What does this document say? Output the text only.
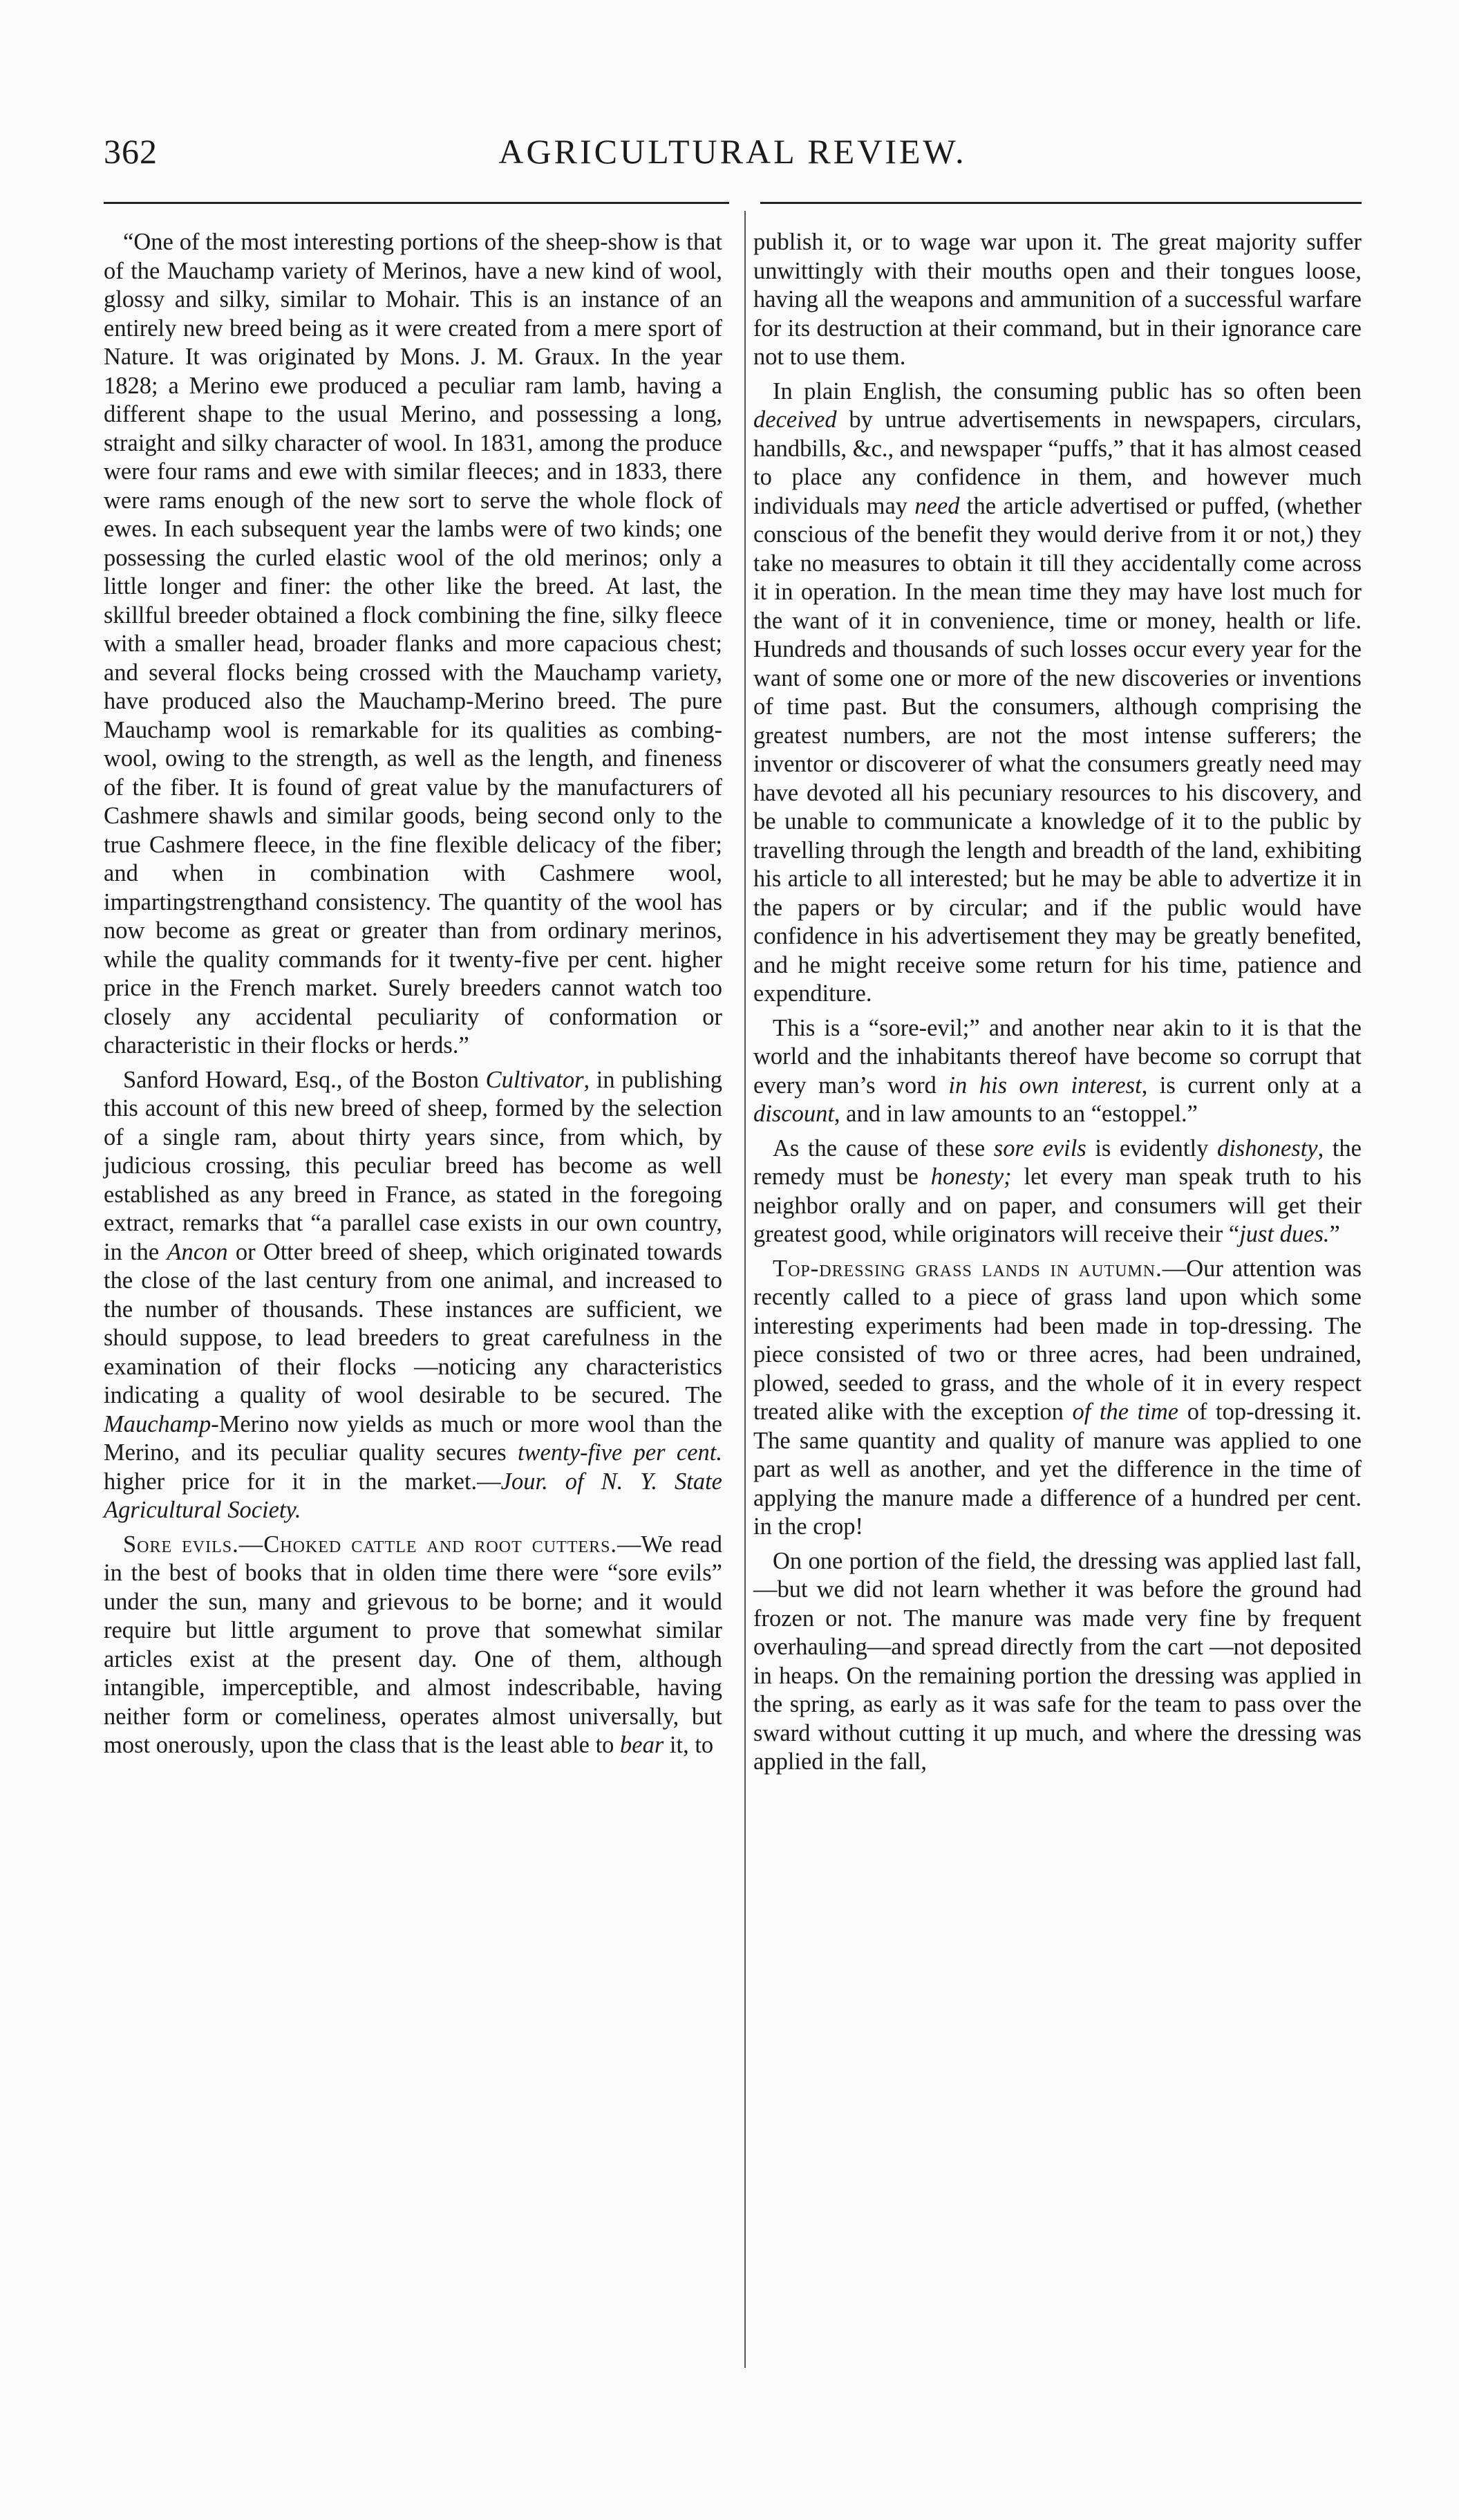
362	AGRICULTURAL REVIEW.

“One of the most interesting portions of the sheep-show is that of the Mauchamp variety of Merinos, have a new kind of wool, glossy and silky, similar to Mohair. This is an instance of an entirely new breed being as it were created from a mere sport of Nature. It was originated by Mons. J. M. Graux. In the year 1828; a Merino ewe produced a peculiar ram lamb, having a different shape to the usual Merino, and possessing a long, straight and silky character of wool. In 1831, among the produce were four rams and ewe with similar fleeces; and in 1833, there were rams enough of the new sort to serve the whole flock of ewes. In each subsequent year the lambs were of two kinds; one possessing the curled elastic wool of the old merinos; only a little longer and finer: the other like the breed. At last, the skillful breeder obtained a flock combining the fine, silky fleece with a smaller head, broader flanks and more capacious chest; and several flocks being crossed with the Mauchamp variety, have produced also the Mauchamp-Merino breed. The pure Mauchamp wool is remarkable for its qualities as combing-wool, owing to the strength, as well as the length, and fineness of the fiber. It is found of great value by the manufacturers of Cashmere shawls and similar goods, being second only to the true Cashmere fleece, in the fine flexible delicacy of the fiber; and when in combination with Cashmere wool, impartingstrengthand consistency. The quantity of the wool has now become as great or greater than from ordinary merinos, while the quality commands for it twenty-five per cent. higher price in the French market. Surely breeders cannot watch too closely any accidental peculiarity of conformation or characteristic in their flocks or herds.”

Sanford Howard, Esq., of the Boston Cultivator, in publishing this account of this new breed of sheep, formed by the selection of a single ram, about thirty years since, from which, by judicious crossing, this peculiar breed has become as well established as any breed in France, as stated in the foregoing extract, remarks that “a parallel case exists in our own country, in the Ancon or Otter breed of sheep, which originated towards the close of the last century from one animal, and increased to the number of thousands. These instances are sufficient, we should suppose, to lead breeders to great carefulness in the examination of their flocks —noticing any characteristics indicating a quality of wool desirable to be secured. The Mauchamp-Merino now yields as much or more wool than the Merino, and its peculiar quality secures twenty-five per cent. higher price for it in the market.—Jour. of N. Y. State Agricultural Society.

Sore evils.—Choked cattle and root cutters.—We read in the best of books that in olden time there were “sore evils” under the sun, many and grievous to be borne; and it would require but little argument to prove that somewhat similar articles exist at the present day. One of them, although intangible, imperceptible, and almost indescribable, having neither form or comeliness, operates almost universally, but most onerously, upon the class that is the least able to bear it, to

publish it, or to wage war upon it. The great majority suffer unwittingly with their mouths open and their tongues loose, having all the weapons and ammunition of a successful warfare for its destruction at their command, but in their ignorance care not to use them.

In plain English, the consuming public has so often been deceived by untrue advertisements in newspapers, circulars, handbills, &c., and newspaper “puffs,” that it has almost ceased to place any confidence in them, and however much individuals may need the article advertised or puffed, (whether conscious of the benefit they would derive from it or not,) they take no measures to obtain it till they accidentally come across it in operation. In the mean time they may have lost much for the want of it in convenience, time or money, health or life. Hundreds and thousands of such losses occur every year for the want of some one or more of the new discoveries or inventions of time past. But the consumers, although comprising the greatest numbers, are not the most intense sufferers; the inventor or discoverer of what the consumers greatly need may have devoted all his pecuniary resources to his discovery, and be unable to communicate a knowledge of it to the public by travelling through the length and breadth of the land, exhibiting his article to all interested; but he may be able to advertize it in the papers or by circular; and if the public would have confidence in his advertisement they may be greatly benefited, and he might receive some return for his time, patience and expenditure.

This is a “sore-evil;” and another near akin to it is that the world and the inhabitants thereof have become so corrupt that every man’s word in his own interest, is current only at a discount, and in law amounts to an “estoppel.”

As the cause of these sore evils is evidently dishonesty, the remedy must be honesty; let every man speak truth to his neighbor orally and on paper, and consumers will get their greatest good, while originators will receive their “just dues.”

Top-dressing grass lands in autumn.—Our attention was recently called to a piece of grass land upon which some interesting experiments had been made in top-dressing. The piece consisted of two or three acres, had been undrained, plowed, seeded to grass, and the whole of it in every respect treated alike with the exception of the time of top-dressing it. The same quantity and quality of manure was applied to one part as well as another, and yet the difference in the time of applying the manure made a difference of a hundred per cent. in the crop!

On one portion of the field, the dressing was applied last fall,—but we did not learn whether it was before the ground had frozen or not. The manure was made very fine by frequent overhauling—and spread directly from the cart —not deposited in heaps. On the remaining portion the dressing was applied in the spring, as early as it was safe for the team to pass over the sward without cutting it up much, and where the dressing was applied in the fall,
